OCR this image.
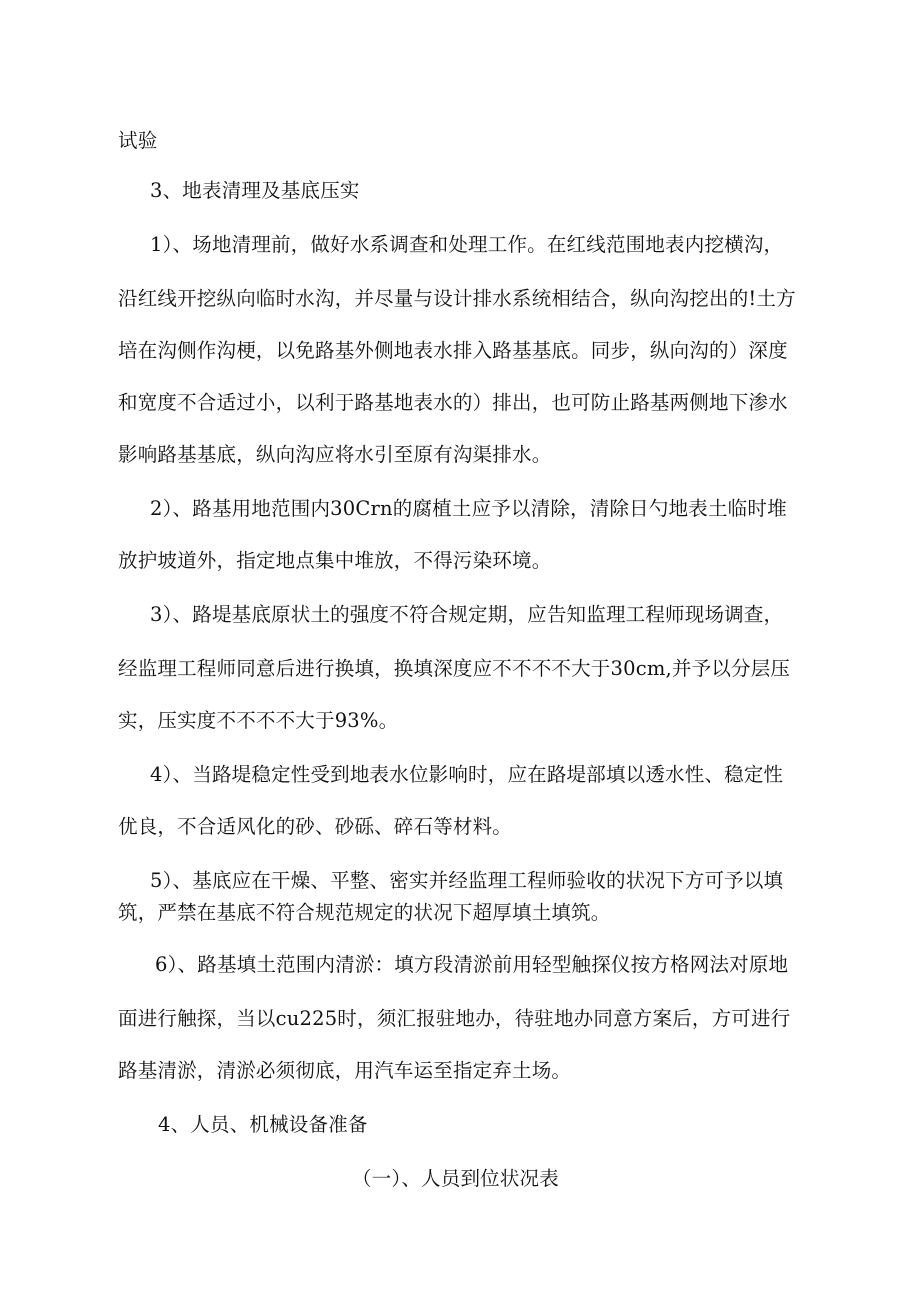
试验
3、地表清理及基底压实
1）、场地清理前，做好水系调查和处理工作。在红线范围地表内挖横沟，
沿红线开挖纵向临时水沟，并尽量与设计排水系统相结合，纵向沟挖出的!土方
培在沟侧作沟梗，以免路基外侧地表水排入路基基底。同步，纵向沟的）深度
和宽度不合适过小，以利于路基地表水的）排出，也可防止路基两侧地下渗水
影响路基基底，纵向沟应将水引至原有沟渠排水。
2）、路基用地范围内30Crn的腐植土应予以清除，清除日勺地表土临时堆
放护坡道外，指定地点集中堆放，不得污染环境。
3）、路堤基底原状土的强度不符合规定期，应告知监理工程师现场调查，
经监理工程师同意后进行换填，换填深度应不不不不大于30cm,并予以分层压
实，压实度不不不不大于93%。
4）、当路堤稳定性受到地表水位影响时，应在路堤部填以透水性、稳定性
优良，不合适风化的砂、砂砾、碎石等材料。
5）、基底应在干燥、平整、密实并经监理工程师验收的状况下方可予以填
筑，严禁在基底不符合规范规定的状况下超厚填土填筑。
6）、路基填土范围内清淤：填方段清淤前用轻型触探仪按方格网法对原地
面进行触探，当以cu225时，须汇报驻地办，待驻地办同意方案后，方可进行
路基清淤，清淤必须彻底，用汽车运至指定弃土场。
4、人员、机械设备准备
（一）、人员到位状况表
